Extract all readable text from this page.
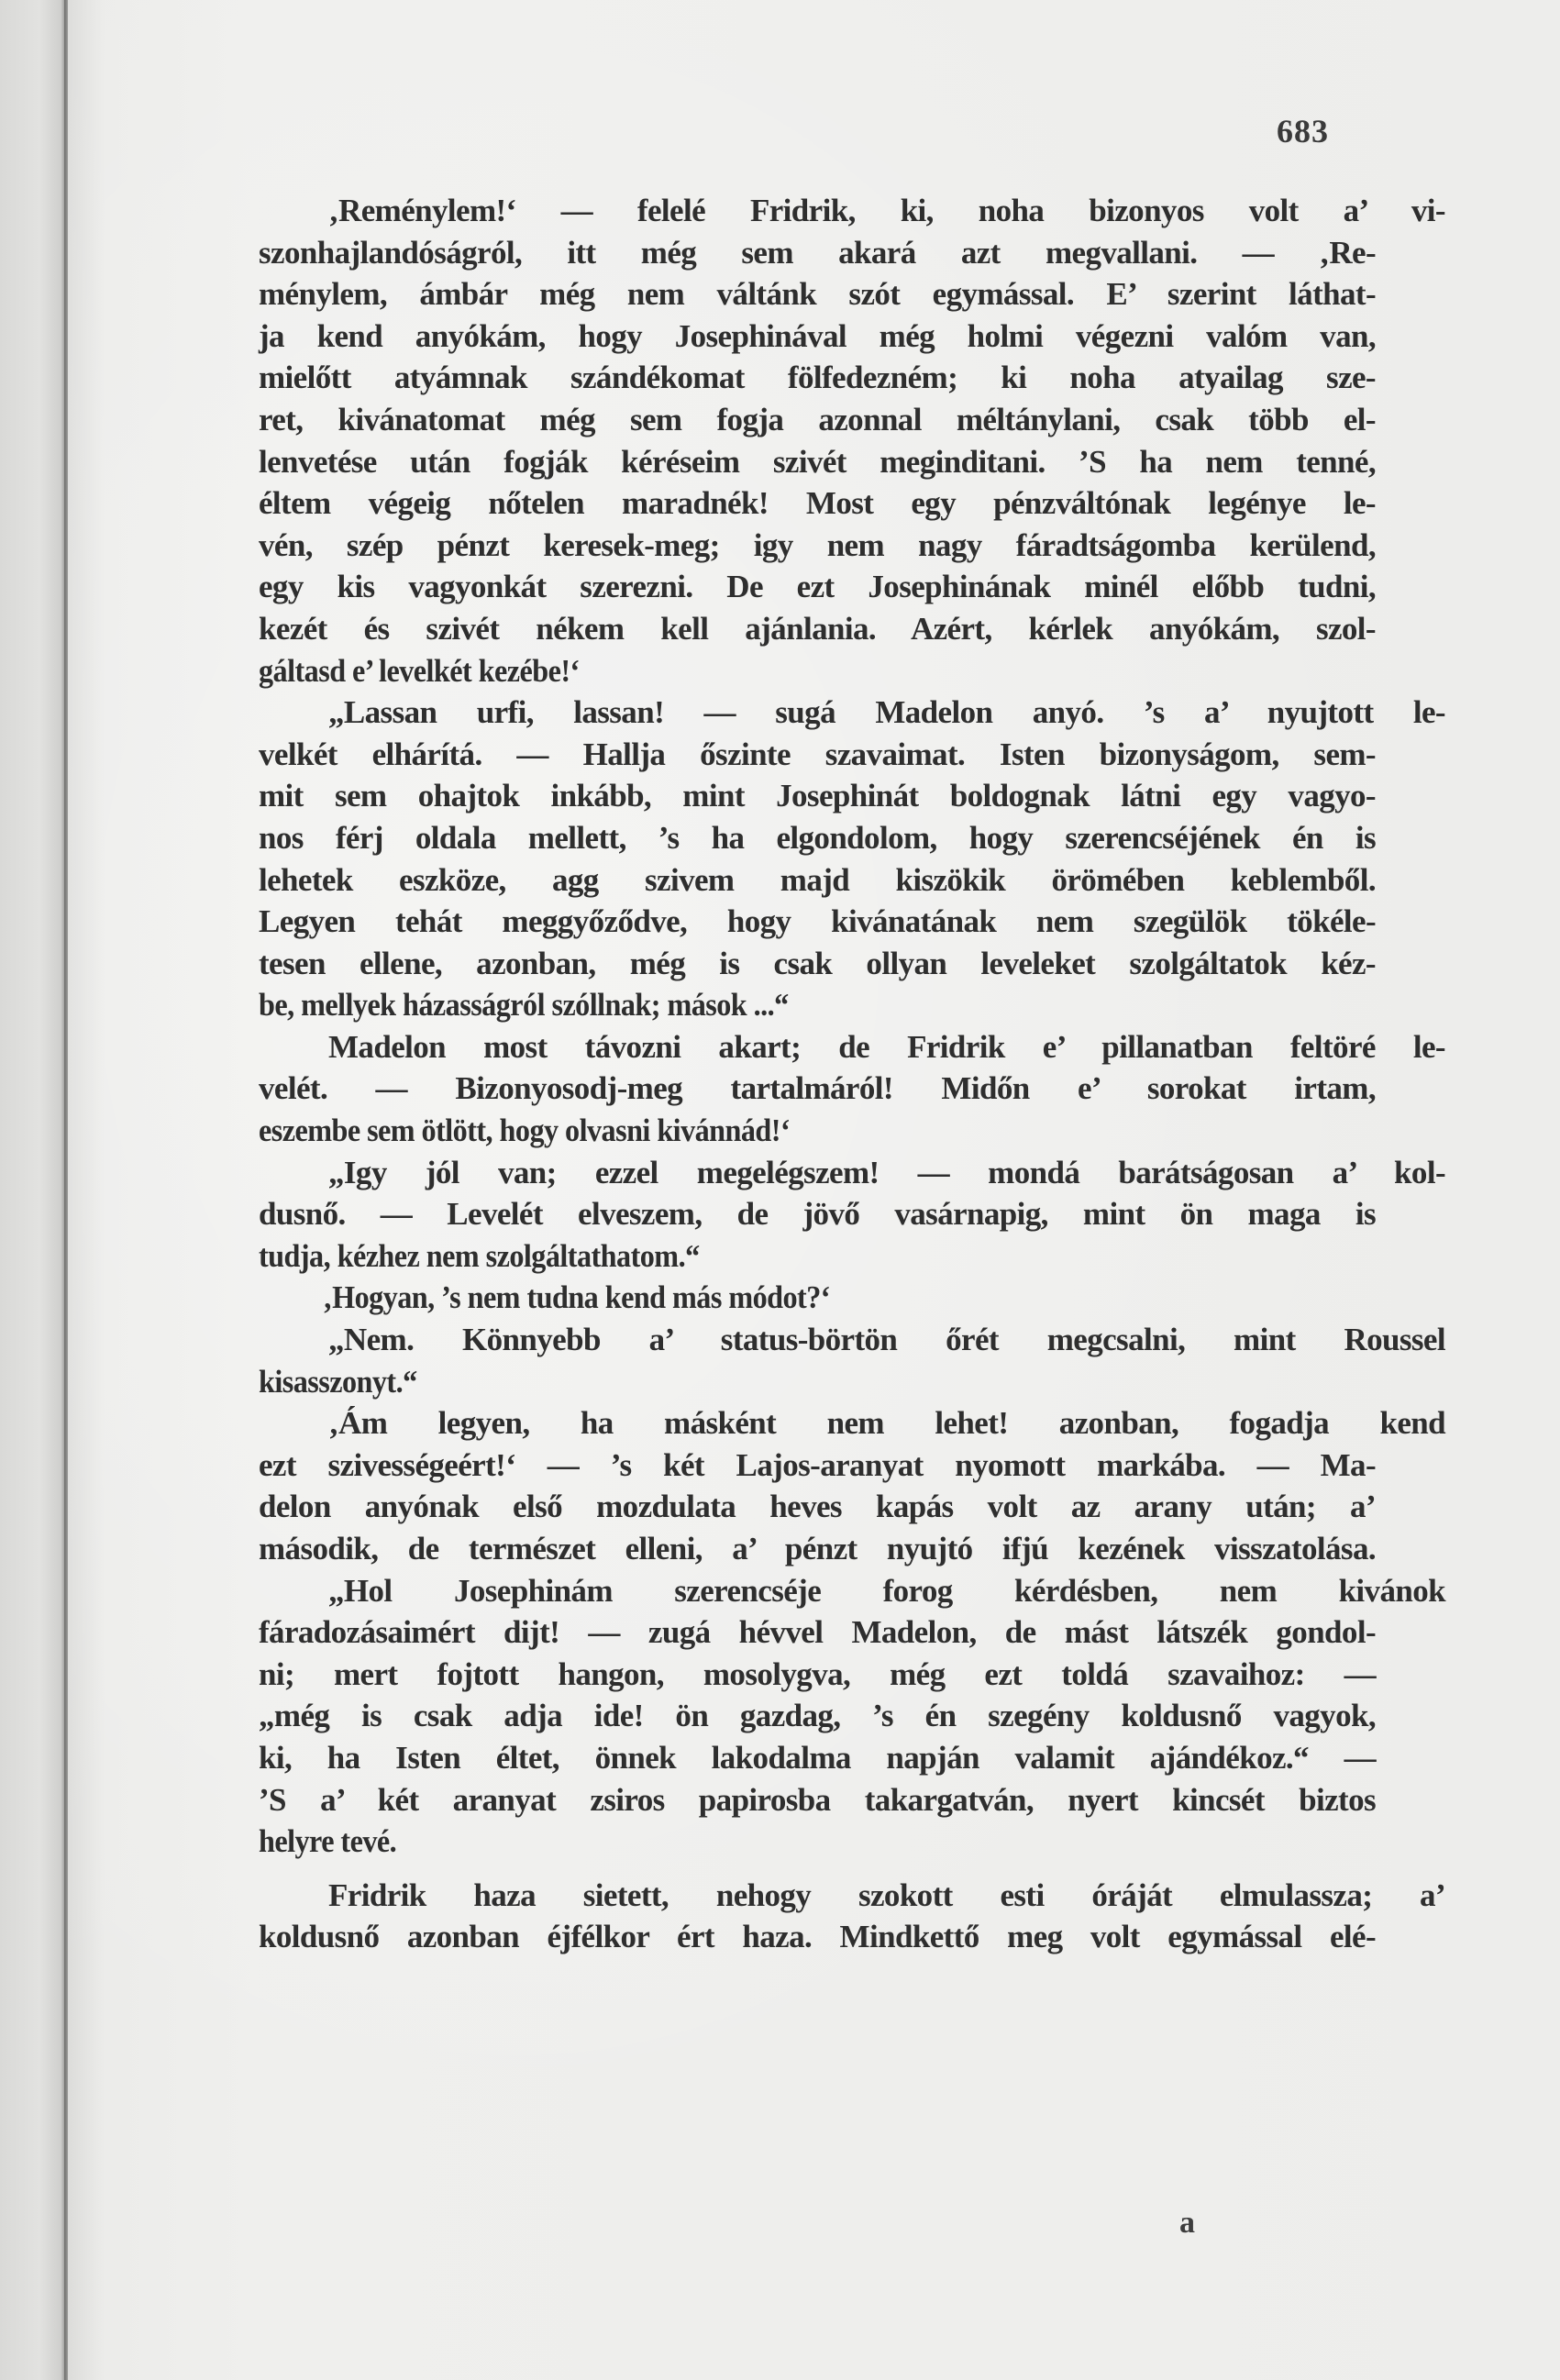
683
‚Reménylem!‘ — felelé Fridrik, ki, noha bizonyos volt a’ vi-
szonhajlandóságról, itt még sem akará azt megvallani. — ‚Re-
ménylem, ámbár még nem váltánk szót egymással. E’ szerint láthat-
ja kend anyókám, hogy Josephinával még holmi végezni valóm van,
mielőtt atyámnak szándékomat fölfedezném; ki noha atyailag sze-
ret, kivánatomat még sem fogja azonnal méltánylani, csak több el-
lenvetése után fogják kéréseim szivét meginditani. ’S ha nem tenné,
éltem végeig nőtelen maradnék! Most egy pénzváltónak legénye le-
vén, szép pénzt keresek-meg; igy nem nagy fáradtságomba kerülend,
egy kis vagyonkát szerezni. De ezt Josephinának minél előbb tudni,
kezét és szivét nékem kell ajánlania. Azért, kérlek anyókám, szol-
gáltasd e’ levelkét kezébe!‘
„Lassan urfi, lassan! — sugá Madelon anyó. ’s a’ nyujtott le-
velkét elhárítá. — Hallja őszinte szavaimat. Isten bizonyságom, sem-
mit sem ohajtok inkább, mint Josephinát boldognak látni egy vagyo-
nos férj oldala mellett, ’s ha elgondolom, hogy szerencséjének én is
lehetek eszköze, agg szivem majd kiszökik örömében keblemből.
Legyen tehát meggyőződve, hogy kivánatának nem szegülök tökéle-
tesen ellene, azonban, még is csak ollyan leveleket szolgáltatok kéz-
be, mellyek házasságról szóllnak; mások ...“
Madelon most távozni akart; de Fridrik e’ pillanatban feltöré le-
velét. — Bizonyosodj-meg tartalmáról! Midőn e’ sorokat irtam,
eszembe sem ötlött, hogy olvasni kivánnád!‘
„Igy jól van; ezzel megelégszem! — mondá barátságosan a’ kol-
dusnő. — Levelét elveszem, de jövő vasárnapig, mint ön maga is
tudja, kézhez nem szolgáltathatom.“
‚Hogyan, ’s nem tudna kend más módot?‘
„Nem. Könnyebb a’ status-börtön őrét megcsalni, mint Roussel
kisasszonyt.“
‚Ám legyen, ha másként nem lehet! azonban, fogadja kend
ezt szivességeért!‘ — ’s két Lajos-aranyat nyomott markába. — Ma-
delon anyónak első mozdulata heves kapás volt az arany után; a’
második, de természet elleni, a’ pénzt nyujtó ifjú kezének visszatolása.
„Hol Josephinám szerencséje forog kérdésben, nem kivánok
fáradozásaimért dijt! — zugá hévvel Madelon, de mást látszék gondol-
ni; mert fojtott hangon, mosolygva, még ezt toldá szavaihoz: —
„még is csak adja ide! ön gazdag, ’s én szegény koldusnő vagyok,
ki, ha Isten éltet, önnek lakodalma napján valamit ajándékoz.“ —
’S a’ két aranyat zsiros papirosba takargatván, nyert kincsét biztos
helyre tevé.
Fridrik haza sietett, nehogy szokott esti óráját elmulassza; a’
koldusnő azonban éjfélkor ért haza. Mindkettő meg volt egymással elé-
a
